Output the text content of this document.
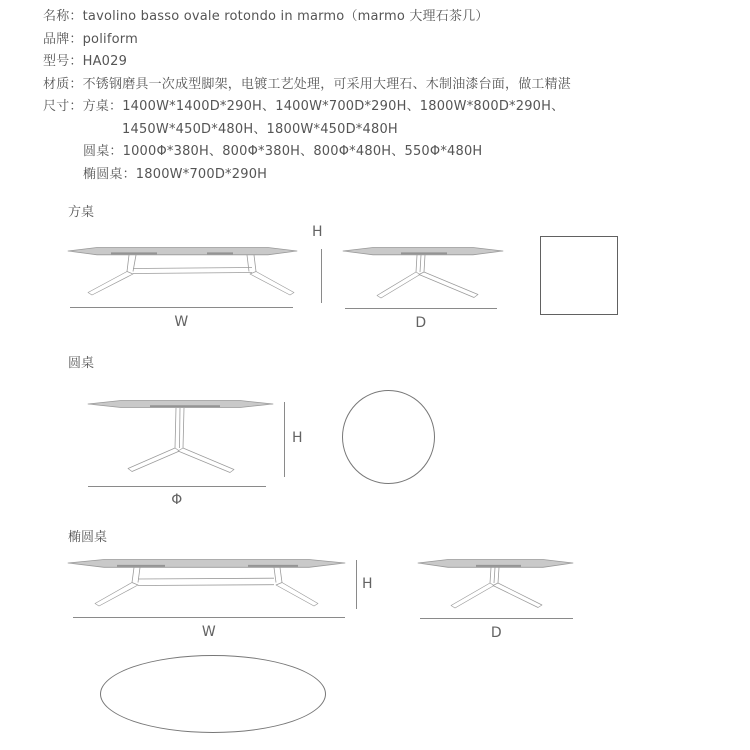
名称：tavolino basso ovale rotondo in marmo（marmo 大理石茶几）
品牌：poliform
型号：HA029
材质：不锈钢磨具一次成型脚架，电镀工艺处理，可采用大理石、木制油漆台面，做工精湛
尺寸：方桌：1400W*1400D*290H、1400W*700D*290H、1800W*800D*290H、
1450W*450D*480H、1800W*450D*480H
圆桌：1000Φ*380H、800Φ*380H、800Φ*480H、550Φ*480H
椭圆桌：1800W*700D*290H
方桌
H
W	D
圆桌
H
Φ
椭圆桌
H
W	D
